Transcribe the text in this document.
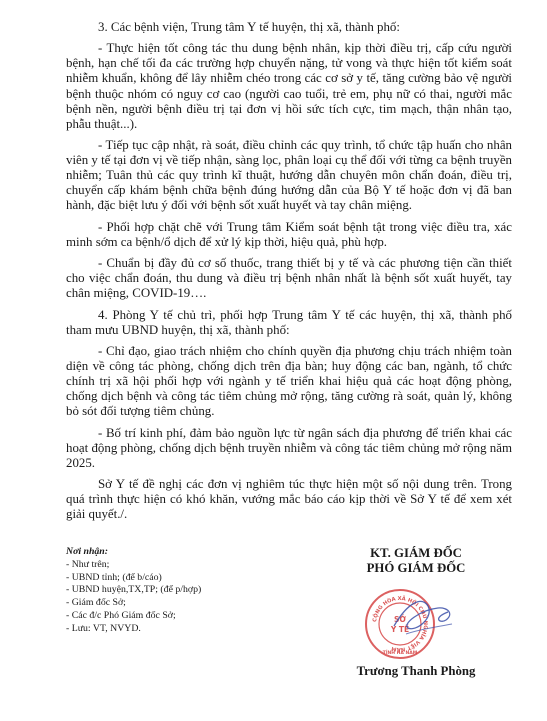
3. Các bệnh viện, Trung tâm Y tế huyện, thị xã, thành phố:

- Thực hiện tốt công tác thu dung bệnh nhân, kịp thời điều trị, cấp cứu người bệnh, hạn chế tối đa các trường hợp chuyển nặng, tử vong và thực hiện tốt kiểm soát nhiễm khuẩn, không để lây nhiễm chéo trong các cơ sở y tế, tăng cường bảo vệ người bệnh thuộc nhóm có nguy cơ cao (người cao tuổi, trẻ em, phụ nữ có thai, người mắc bệnh nền, người bệnh điều trị tại đơn vị hồi sức tích cực, tim mạch, thận nhân tạo, phẫu thuật...).

- Tiếp tục cập nhật, rà soát, điều chỉnh các quy trình, tổ chức tập huấn cho nhân viên y tế tại đơn vị về tiếp nhận, sàng lọc, phân loại cụ thể đối với từng ca bệnh truyền nhiễm; Tuân thủ các quy trình kĩ thuật, hướng dẫn chuyên môn chẩn đoán, điều trị, chuyển cấp khám bệnh chữa bệnh đúng hướng dẫn của Bộ Y tế hoặc đơn vị đã ban hành, đặc biệt lưu ý đối với bệnh sốt xuất huyết và tay chân miệng.

- Phối hợp chặt chẽ với Trung tâm Kiểm soát bệnh tật trong việc điều tra, xác minh sớm ca bệnh/ổ dịch để xử lý kịp thời, hiệu quả, phù hợp.

- Chuẩn bị đầy đủ cơ số thuốc, trang thiết bị y tế và các phương tiện cần thiết cho việc chẩn đoán, thu dung và điều trị bệnh nhân nhất là bệnh sốt xuất huyết, tay chân miệng, COVID-19….

4. Phòng Y tế chủ trì, phối hợp Trung tâm Y tế các huyện, thị xã, thành phố tham mưu UBND huyện, thị xã, thành phố:

- Chỉ đạo, giao trách nhiệm cho chính quyền địa phương chịu trách nhiệm toàn diện về công tác phòng, chống dịch trên địa bàn; huy động các ban, ngành, tổ chức chính trị xã hội phối hợp với ngành y tế triển khai hiệu quả các hoạt động phòng, chống dịch bệnh và công tác tiêm chủng mở rộng, tăng cường rà soát, quản lý, không bỏ sót đối tượng tiêm chủng.

- Bố trí kinh phí, đảm bảo nguồn lực từ ngân sách địa phương để triển khai các hoạt động phòng, chống dịch bệnh truyền nhiễm và công tác tiêm chủng mở rộng năm 2025.

Sở Y tế đề nghị các đơn vị nghiêm túc thực hiện một số nội dung trên. Trong quá trình thực hiện có khó khăn, vướng mắc báo cáo kịp thời về Sở Y tế để xem xét giải quyết./.

Nơi nhận:
- Như trên;
- UBND tỉnh; (để b/cáo)
- UBND huyện,TX,TP; (để p/hợp)
- Giám đốc Sở;
- Các đ/c Phó Giám đốc Sở;
- Lưu: VT, NVYD.
KT. GIÁM ĐỐC
PHÓ GIÁM ĐỐC
CỘNG HÒA XÃ HỘI CHỦ NGHĨA VIỆT NAM
SỞ
Y TẾ
TỈNH HÀ NAM
Trương Thanh Phòng
